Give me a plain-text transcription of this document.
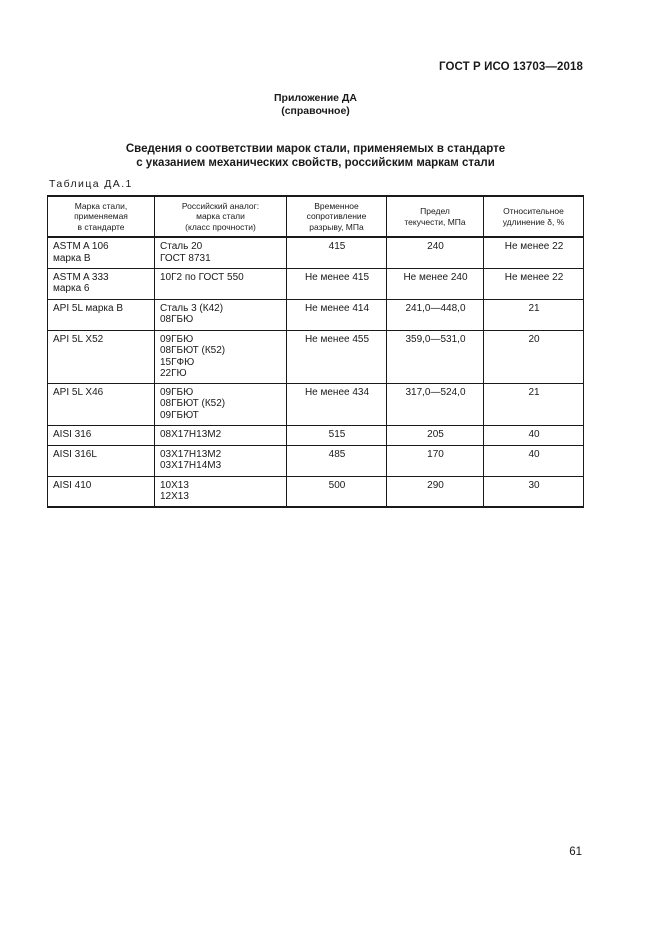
ГОСТ Р ИСО 13703—2018
Приложение ДА
(справочное)
Сведения о соответствии марок стали, применяемых в стандарте
с указанием механических свойств, российским маркам стали
Таблица ДА.1
Марка стали,
применяемая
в стандарте	Российский аналог:
марка стали
(класс прочности)	Временное
сопротивление
разрыву, МПа	Предел
текучести, МПа	Относительное
удлинение δ, %

ASTM A 106
марка B	Сталь 20
ГОСТ 8731	415	240	Не менее 22

ASTM A 333
марка 6	10Г2 по ГОСТ 550	Не менее 415	Не менее 240	Не менее 22

API 5L марка B	Сталь 3 (К42)
08ГБЮ	Не менее 414	241,0—448,0	21

API 5L X52	09ГБЮ
08ГБЮТ (К52)
15ГФЮ
22ГЮ	Не менее 455	359,0—531,0	20

API 5L X46	09ГБЮ
08ГБЮТ (К52)
09ГБЮТ	Не менее 434	317,0—524,0	21

AISI 316	08Х17Н13М2	515	205	40

AISI 316L	03Х17Н13М2
03Х17Н14М3	485	170	40

AISI 410	10Х13
12Х13	500	290	30
61
